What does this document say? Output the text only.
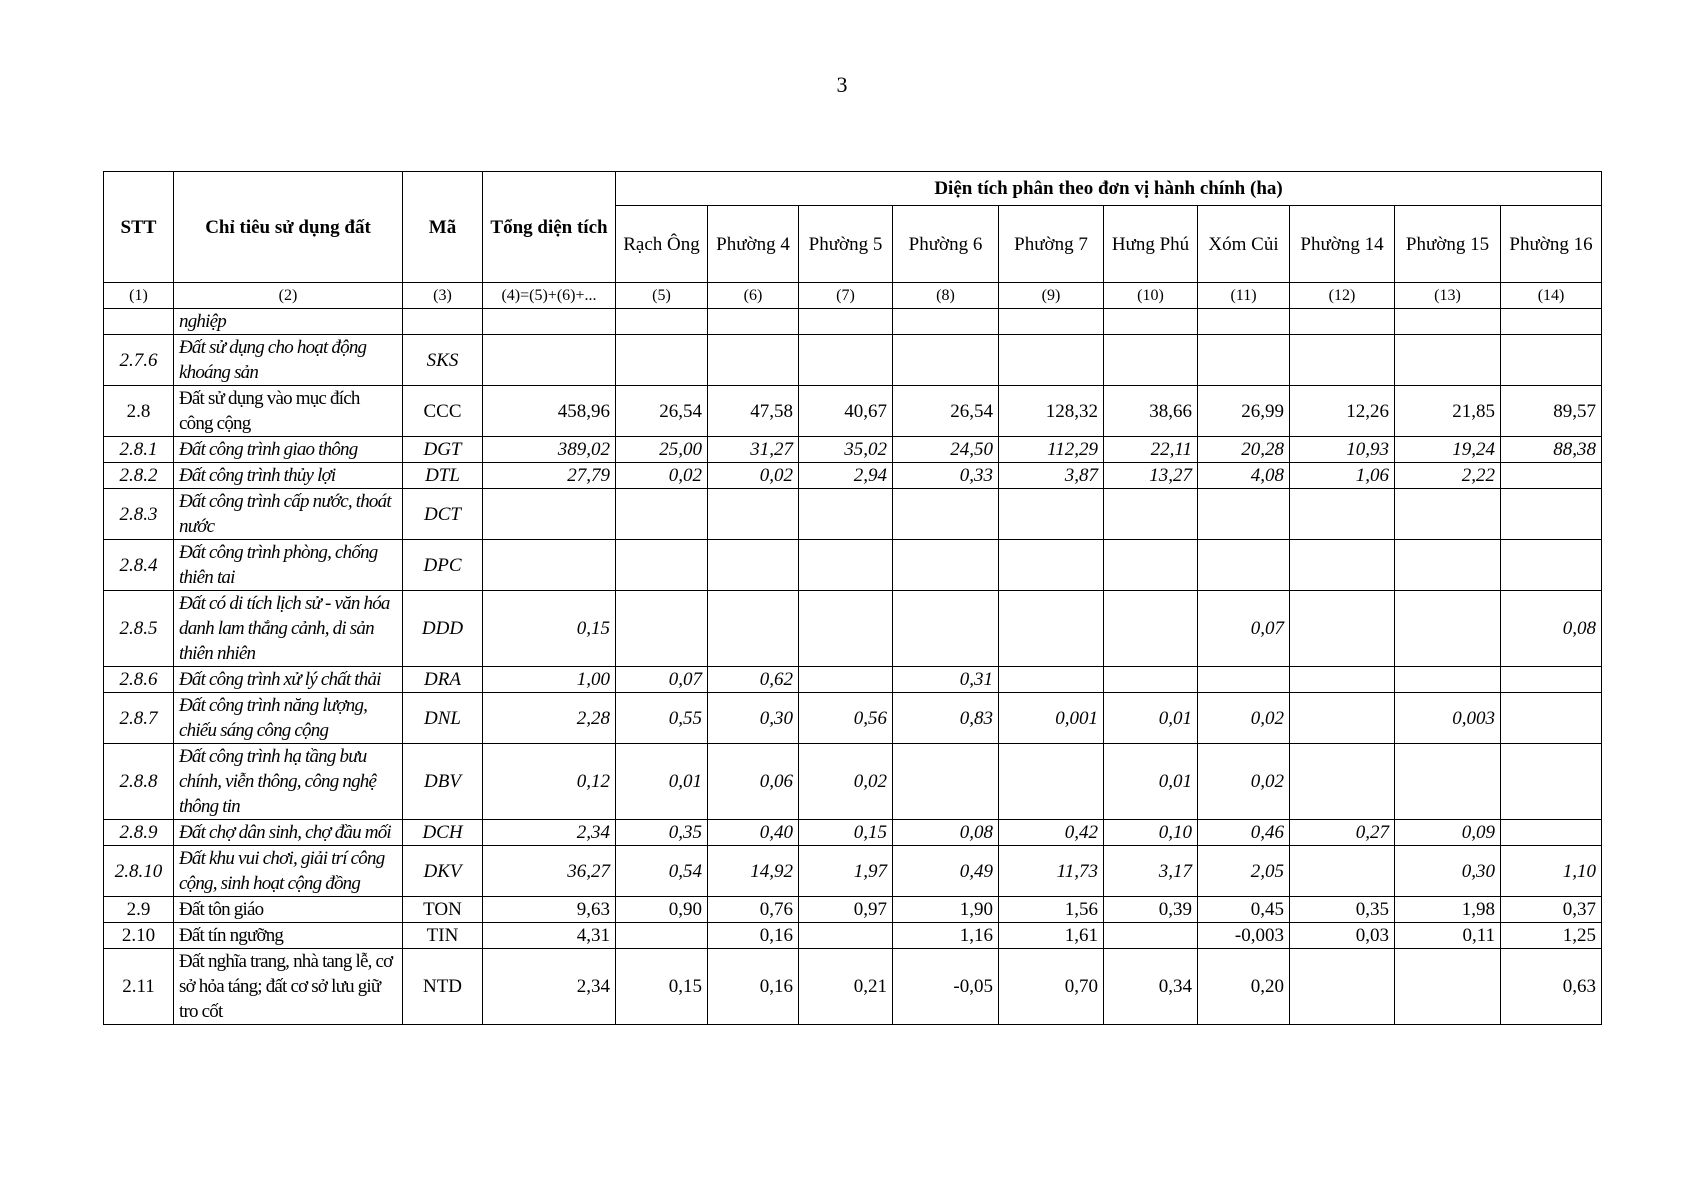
3
STT	Chỉ tiêu sử dụng đất	Mã	Tổng diện tích	Diện tích phân theo đơn vị hành chính (ha)									
				Rạch Ông	Phường 4	Phường 5	Phường 6	Phường 7	Hưng Phú	Xóm Củi	Phường 14	Phường 15	Phường 16
(1)	(2)	(3)	(4)=(5)+(6)+...	(5)	(6)	(7)	(8)	(9)	(10)	(11)	(12)	(13)	(14)
	nghiệp												
2.7.6	Đất sử dụng cho hoạt động khoáng sản	SKS											
2.8	Đất sử dụng vào mục đích công cộng	CCC	458,96	26,54	47,58	40,67	26,54	128,32	38,66	26,99	12,26	21,85	89,57
2.8.1	Đất công trình giao thông	DGT	389,02	25,00	31,27	35,02	24,50	112,29	22,11	20,28	10,93	19,24	88,38
2.8.2	Đất công trình thủy lợi	DTL	27,79	0,02	0,02	2,94	0,33	3,87	13,27	4,08	1,06	2,22	
2.8.3	Đất công trình cấp nước, thoát nước	DCT											
2.8.4	Đất công trình phòng, chống thiên tai	DPC											
2.8.5	Đất có di tích lịch sử - văn hóa danh lam thắng cảnh, di sản thiên nhiên	DDD	0,15							0,07			0,08
2.8.6	Đất công trình xử lý chất thải	DRA	1,00	0,07	0,62		0,31						
2.8.7	Đất công trình năng lượng, chiếu sáng công cộng	DNL	2,28	0,55	0,30	0,56	0,83	0,001	0,01	0,02		0,003	
2.8.8	Đất công trình hạ tầng bưu chính, viễn thông, công nghệ thông tin	DBV	0,12	0,01	0,06	0,02			0,01	0,02			
2.8.9	Đất chợ dân sinh, chợ đầu mối	DCH	2,34	0,35	0,40	0,15	0,08	0,42	0,10	0,46	0,27	0,09	
2.8.10	Đất khu vui chơi, giải trí công cộng, sinh hoạt cộng đồng	DKV	36,27	0,54	14,92	1,97	0,49	11,73	3,17	2,05		0,30	1,10
2.9	Đất tôn giáo	TON	9,63	0,90	0,76	0,97	1,90	1,56	0,39	0,45	0,35	1,98	0,37
2.10	Đất tín ngưỡng	TIN	4,31		0,16		1,16	1,61		-0,003	0,03	0,11	1,25
2.11	Đất nghĩa trang, nhà tang lễ, cơ sở hỏa táng; đất cơ sở lưu giữ tro cốt	NTD	2,34	0,15	0,16	0,21	-0,05	0,70	0,34	0,20			0,63
